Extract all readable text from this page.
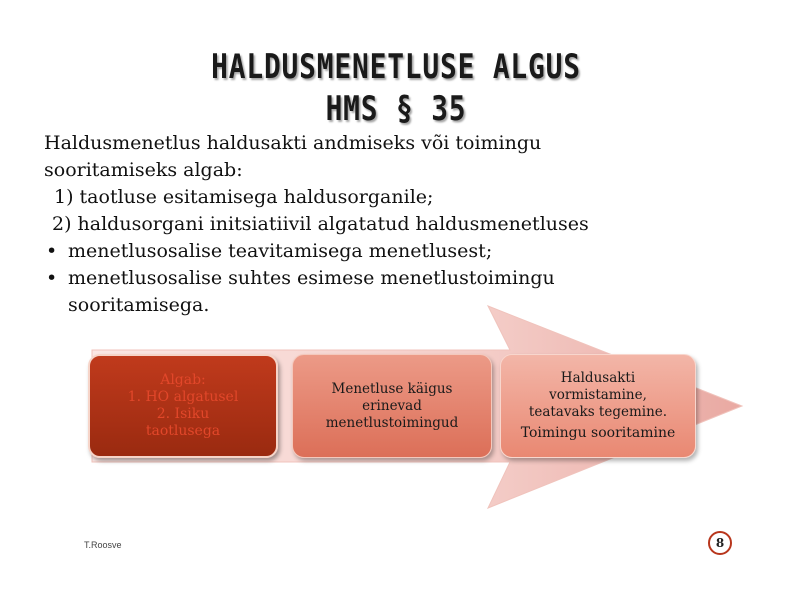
HALDUSMENETLUSE ALGUS
HMS § 35
Haldusmenetlus haldusakti andmiseks või toimingu
sooritamiseks algab:
1) taotluse esitamisega haldusorganile;
2) haldusorgani initsiatiivil algatatud haldusmenetluses
• menetlusosalise teavitamisega menetlusest;
• menetlusosalise suhtes esimese menetlustoimingu
sooritamisega.
Algab:
1. HO algatusel
2. Isiku
taotlusega
Menetluse käigus
erinevad
menetlustoimingud
Haldusakti
vormistamine,
teatavaks tegemine.
Toimingu sooritamine
T.Roosve	8
